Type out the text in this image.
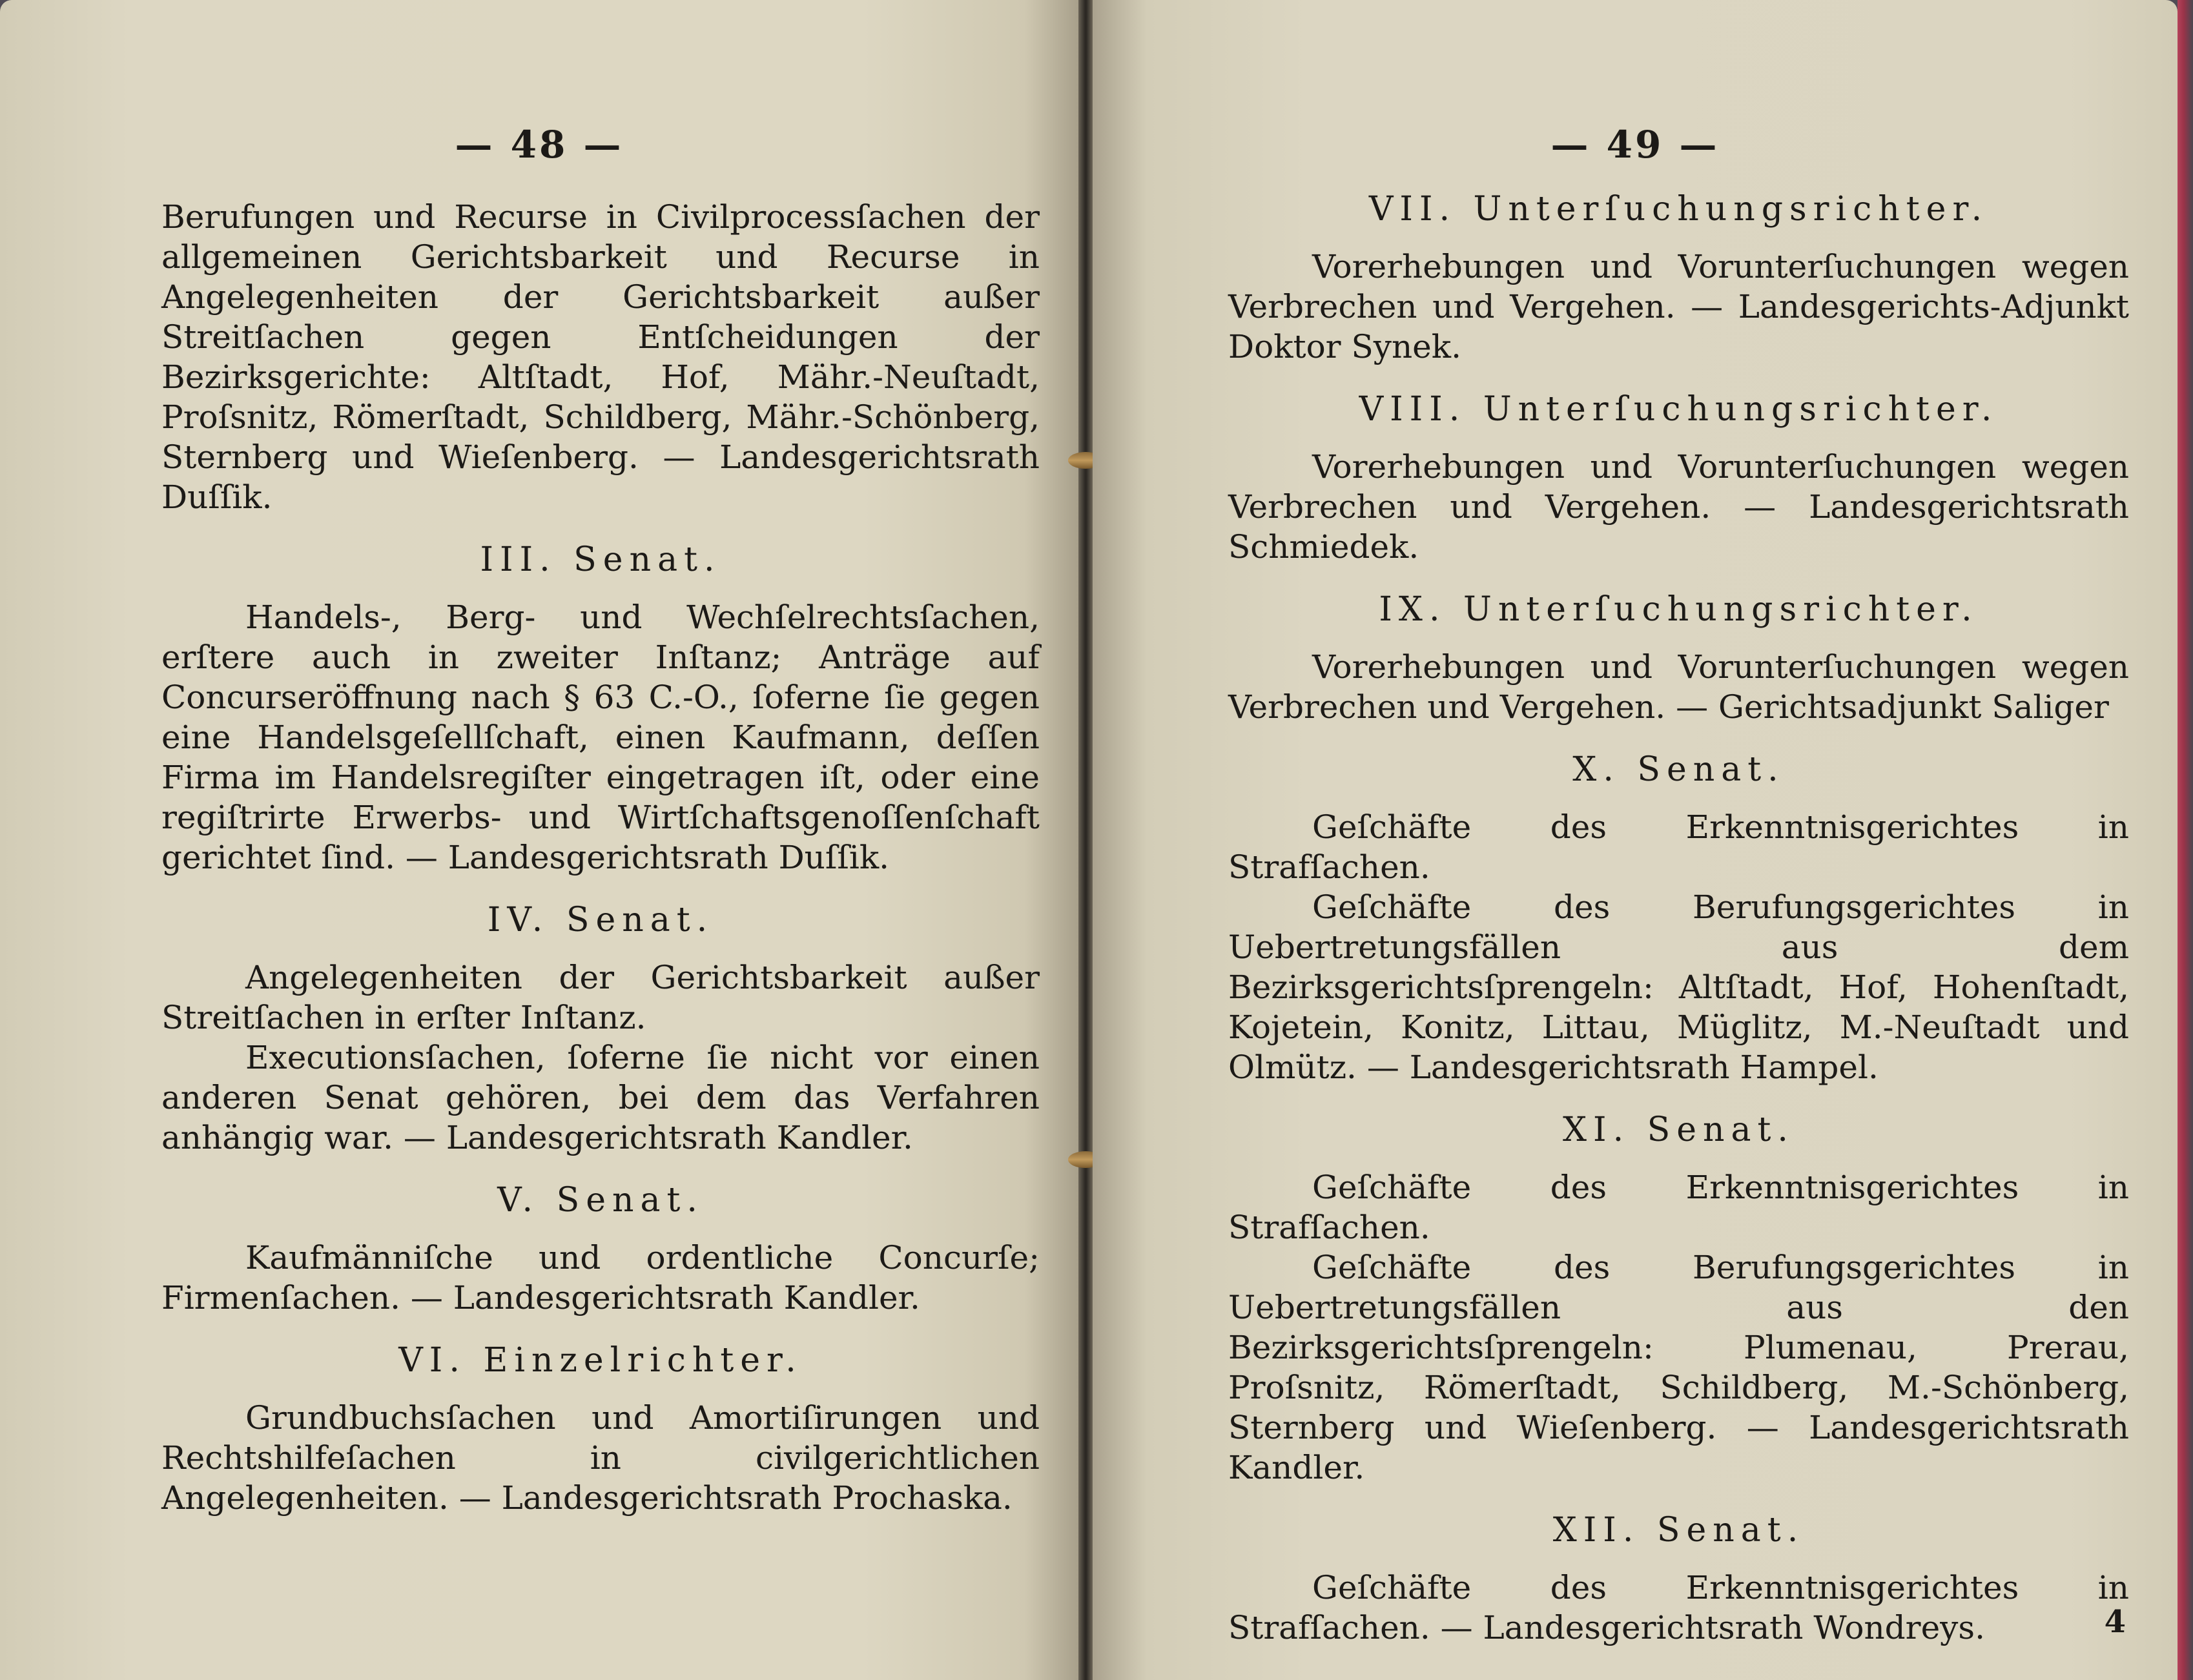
— 48 —

Berufungen und Recurse in Civilprocessſachen der allgemeinen Gerichtsbarkeit und Recurse in Angelegenheiten der Gerichtsbarkeit außer Streitſachen gegen Entſcheidungen der Bezirksgerichte: Altſtadt, Hof, Mähr.-Neuſtadt, Proſsnitz, Römerſtadt, Schildberg, Mähr.-Schönberg, Sternberg und Wieſenberg. — Landesgerichtsrath Duſſik.

III. Senat.

Handels-, Berg- und Wechſelrechtsſachen, erſtere auch in zweiter Inſtanz; Anträge auf Concurseröffnung nach § 63 C.-O., ſoferne ſie gegen eine Handelsgeſellſchaft, einen Kaufmann, deſſen Firma im Handelsregiſter eingetragen iſt, oder eine regiſtrirte Erwerbs- und Wirtſchaftsgenoſſenſchaft gerichtet ſind. — Landesgerichtsrath Duſſik.

IV. Senat.

Angelegenheiten der Gerichtsbarkeit außer Streitſachen in erſter Inſtanz.

Executionsſachen, ſoferne ſie nicht vor einen anderen Senat gehören, bei dem das Verfahren anhängig war. — Landesgerichtsrath Kandler.

V. Senat.

Kaufmänniſche und ordentliche Concurſe; Firmenſachen. — Landesgerichtsrath Kandler.

VI. Einzelrichter.

Grundbuchsſachen und Amortiſirungen und Rechtshilfeſachen in civilgerichtlichen Angelegenheiten. — Landesgerichtsrath Prochaska.

— 49 —
VII. Unterſuchungsrichter.

Vorerhebungen und Vorunterſuchungen wegen Verbrechen und Vergehen. — Landesgerichts-Adjunkt Doktor Synek.

VIII. Unterſuchungsrichter.

Vorerhebungen und Vorunterſuchungen wegen Verbrechen und Vergehen. — Landesgerichtsrath Schmiedek.

IX. Unterſuchungsrichter.

Vorerhebungen und Vorunterſuchungen wegen Verbrechen und Vergehen. — Gerichtsadjunkt Saliger

X. Senat.

Geſchäfte des Erkenntnisgerichtes in Strafſachen.

Geſchäfte des Berufungsgerichtes in Uebertretungsfällen aus dem Bezirksgerichtsſprengeln: Altſtadt, Hof, Hohenſtadt, Kojetein, Konitz, Littau, Müglitz, M.-Neuſtadt und Olmütz. — Landesgerichtsrath Hampel.

XI. Senat.

Geſchäfte des Erkenntnisgerichtes in Strafſachen.

Geſchäfte des Berufungsgerichtes in Uebertretungsfällen aus den Bezirksgerichtsſprengeln: Plumenau, Prerau, Proſsnitz, Römerſtadt, Schildberg, M.-Schönberg, Sternberg und Wieſenberg. — Landesgerichtsrath Kandler.

XII. Senat.

Geſchäfte des Erkenntnisgerichtes in Strafſachen. — Landesgerichtsrath Wondreys.	4
